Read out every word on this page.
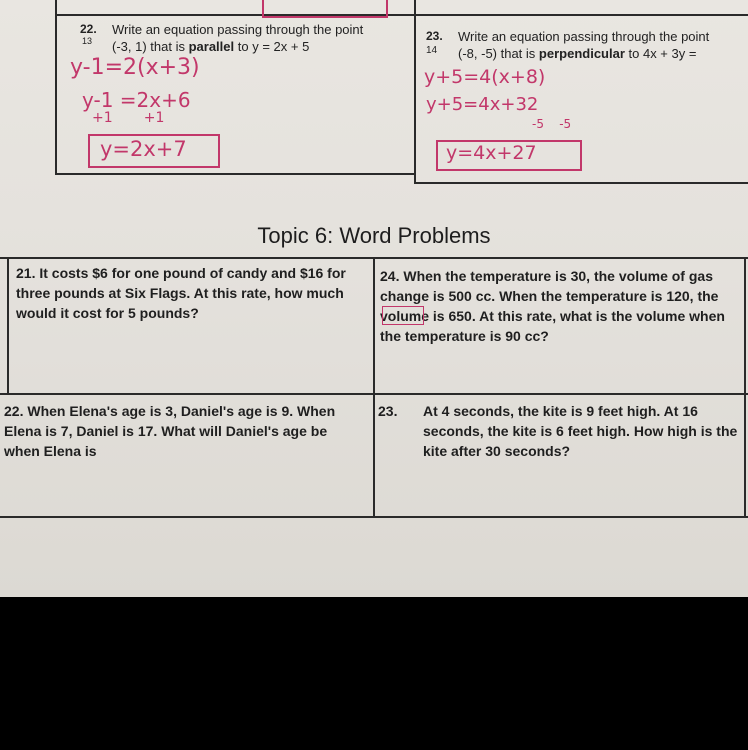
22.
13
Write an equation passing through the point
(-3, 1) that is parallel to y = 2x + 5
y-1=2(x+3)
y-1 =2x+6
+1       +1
y=2x+7
23.
14
Write an equation passing through the point
(-8, -5) that is perpendicular to 4x + 3y =
y+5=4(x+8)
y+5=4x+32
-5    -5
y=4x+27
Topic 6: Word Problems
21. It costs $6 for one pound of candy and $16 for three pounds at Six Flags. At this rate, how much would it cost for 5 pounds?
24. When the temperature is 30, the volume of gas change is 500 cc. When the temperature is 120, the volume is 650. At this rate, what is the volume when the temperature is 90 cc?
22. When Elena's age is 3, Daniel's age is 9. When Elena is 7, Daniel is 17. What will Daniel's age be when Elena is
23.	At 4 seconds, the kite is 9 feet high. At 16 seconds, the kite is 6 feet high. How high is the kite after 30 seconds?
